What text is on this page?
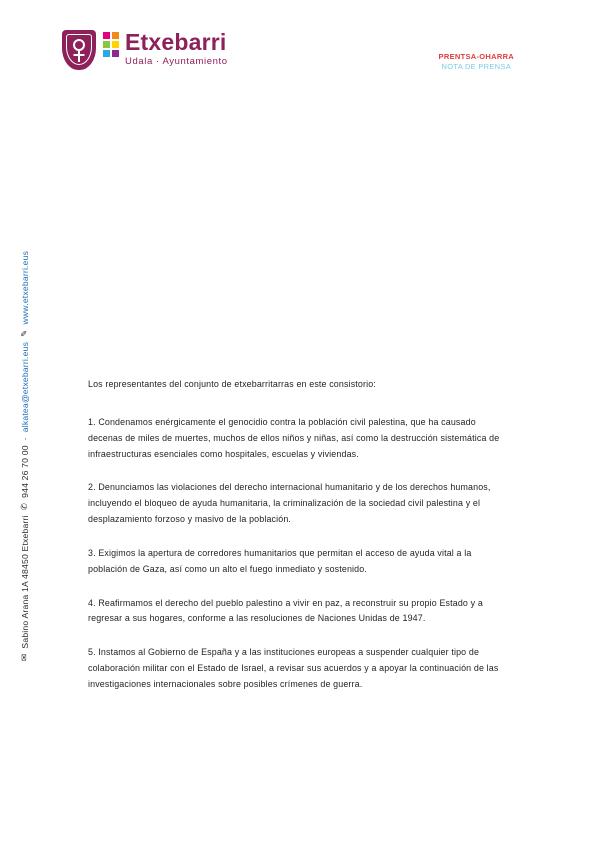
Etxebarri
Udala · Ayuntamiento	PRENTSA-OHARRA
NOTA DE PRENSA
✉
Sabino Arana 1A 48450 Etxebarri
✆
944 26 70 00
·
alkatea@etxebarri.eus
✎
www.etxebarri.eus

Los representantes del conjunto de etxebarritarras en este consistorio:

1. Condenamos enérgicamente el genocidio contra la población civil palestina, que ha causado decenas de miles de muertes, muchos de ellos niños y niñas, así como la destrucción sistemática de infraestructuras esenciales como hospitales, escuelas y viviendas.

2. Denunciamos las violaciones del derecho internacional humanitario y de los derechos humanos, incluyendo el bloqueo de ayuda humanitaria, la criminalización de la sociedad civil palestina y el desplazamiento forzoso y masivo de la población.

3. Exigimos la apertura de corredores humanitarios que permitan el acceso de ayuda vital a la población de Gaza, así como un alto el fuego inmediato y sostenido.

4. Reafirmamos el derecho del pueblo palestino a vivir en paz, a reconstruir su propio Estado y a regresar a sus hogares, conforme a las resoluciones de Naciones Unidas de 1947.

5. Instamos al Gobierno de España y a las instituciones europeas a suspender cualquier tipo de colaboración militar con el Estado de Israel, a revisar sus acuerdos y a apoyar la continuación de las investigaciones internacionales sobre posibles crímenes de guerra.
